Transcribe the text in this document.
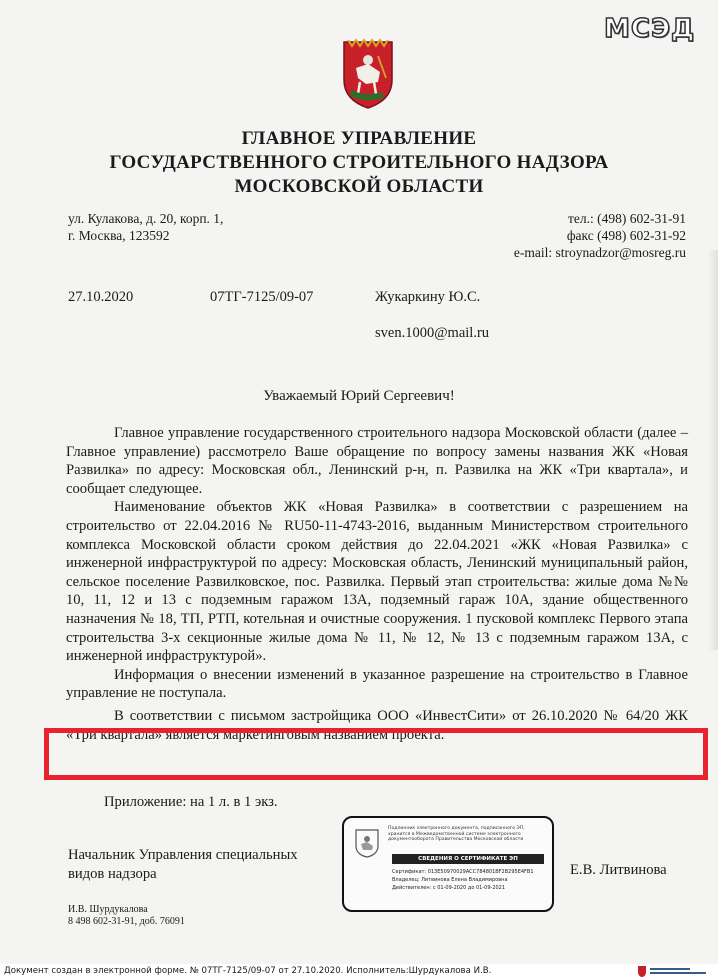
МСЭД
ГЛАВНОЕ УПРАВЛЕНИЕ
ГОСУДАРСТВЕННОГО СТРОИТЕЛЬНОГО НАДЗОРА
МОСКОВСКОЙ ОБЛАСТИ
ул. Кулакова, д. 20, корп. 1,
г. Москва, 123592
тел.: (498) 602-31-91
факс (498) 602-31-92
e-mail: stroynadzor@mosreg.ru
27.10.2020	07ТГ-7125/09-07	Жукаркину Ю.С.
sven.1000@mail.ru
Уважаемый Юрий Сергеевич!

Главное управление государственного строительного надзора Московской области (далее – Главное управление) рассмотрело Ваше обращение по вопросу замены названия ЖК «Новая Развилка» по адресу: Московская обл., Ленинский р-н, п. Развилка на ЖК «Три квартала», и сообщает следующее.

Наименование объектов ЖК «Новая Развилка» в соответствии с разрешением на строительство от 22.04.2016 № RU50-11-4743-2016, выданным Министерством строительного комплекса Московской области сроком действия до 22.04.2021 «ЖК «Новая Развилка» с инженерной инфраструктурой по адресу: Московская область, Ленинский муниципальный район, сельское поселение Развилковское, пос. Развилка. Первый этап строительства: жилые дома №№ 10, 11, 12 и 13 с подземным гаражом 13А, подземный гараж 10А, здание общественного назначения № 18, ТП, РТП, котельная и очистные сооружения. 1 пусковой комплекс Первого этапа строительства 3-х секционные жилые дома № 11, № 12, № 13 с подземным гаражом 13А, с инженерной инфраструктурой».

Информация о внесении изменений в указанное разрешение на строительство в Главное управление не поступала.

В соответствии с письмом застройщика ООО «ИнвестСити» от 26.10.2020 № 64/20 ЖК «Три квартала» является маркетинговым названием проекта.

Приложение: на 1 л. в 1 экз.
Начальник Управления специальных
видов надзора
Подлинник электронного документа, подписанного ЭП, хранится в Межведомственной системе электронного документооборота Правительства Московской области
СВЕДЕНИЯ О СЕРТИФИКАТЕ ЭП
Сертификат: 013E50970029ACC78​4801BF2B295E4FB1
Владелец: Литвинова Елена Владимировна
Действителен: с 01-09-2020 до 01-09-2021
Е.В. Литвинова
И.В. Шурдукалова
8 498 602-31-91, доб. 76091
Документ создан в электронной форме. № 07ТГ-7125/09-07 от 27.10.2020. Исполнитель:Шурдукалова И.В.
